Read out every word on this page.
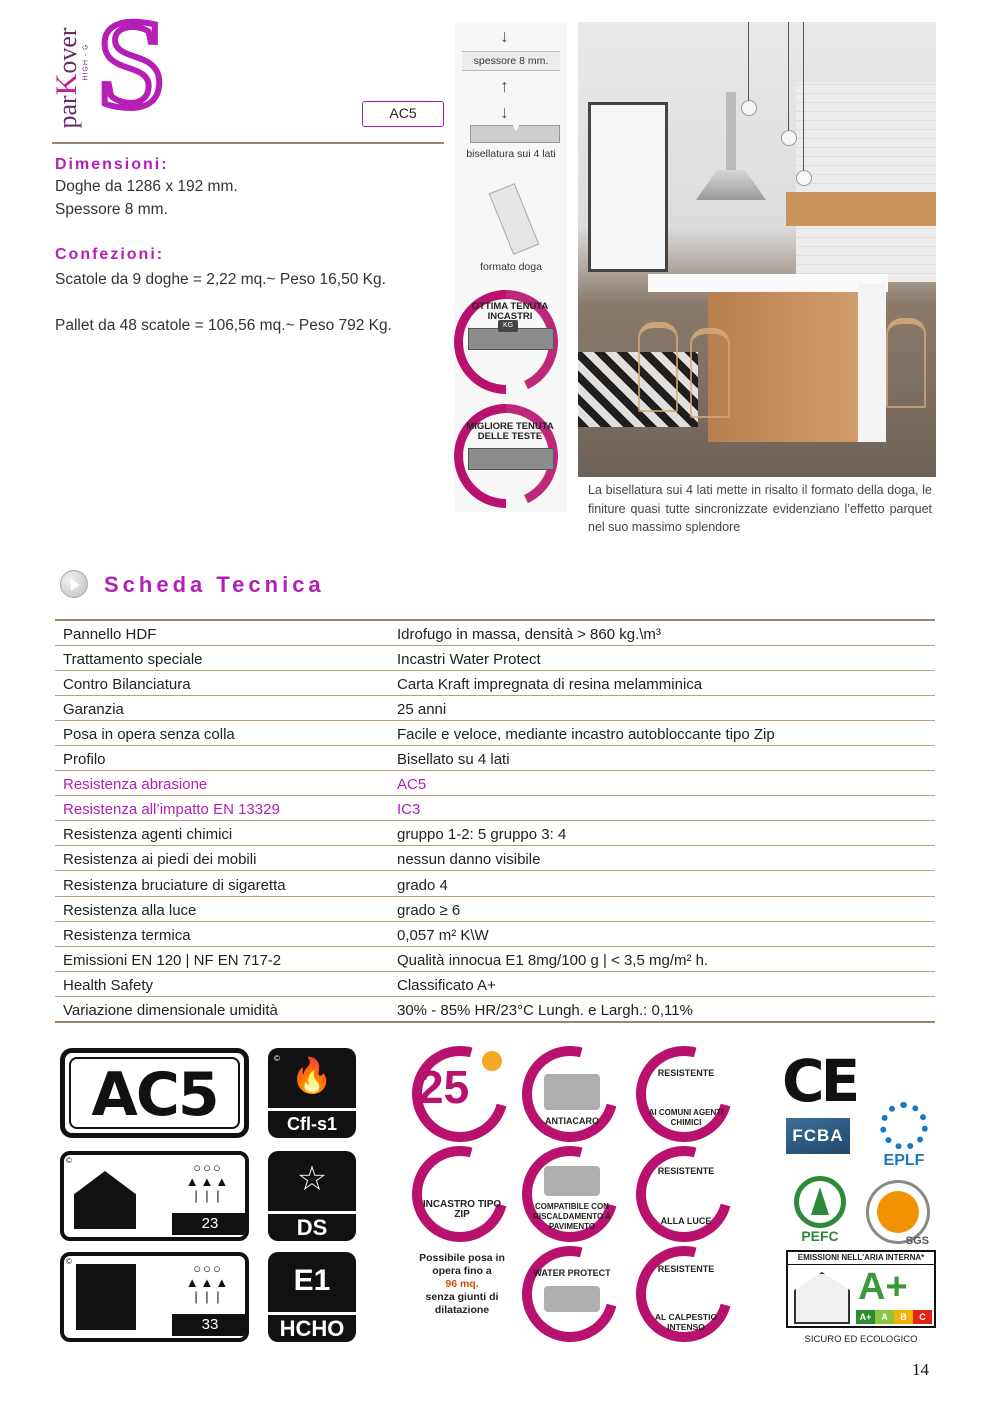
parKover HIGH - G S	AC5
Dimensioni:
Doghe da 1286 x 192 mm.
Spessore 8 mm.
Confezioni:
Scatole da 9 doghe = 2,22 mq.~ Peso 16,50 Kg.
Pallet da 48 scatole = 106,56 mq.~ Peso 792 Kg.
↓
spessore 8 mm.
↑
↓
bisellatura sui 4 lati
formato doga
KG
OTTIMA TENUTA INCASTRI
MIGLIORE TENUTA DELLE TESTE
La bisellatura sui 4 lati mette in risalto il formato della doga, le finiture quasi tutte sincronizzate evidenziano l’effetto parquet nel suo massimo splendore
Scheda Tecnica
Pannello HDF	Idrofugo in massa, densità > 860 kg.\m³
Trattamento speciale	Incastri Water Protect
Contro Bilanciatura	Carta Kraft impregnata di resina melamminica
Garanzia	25 anni
Posa in opera senza colla	Facile e veloce, mediante incastro autobloccante tipo Zip
Profilo	Bisellato su 4 lati
Resistenza abrasione	AC5
Resistenza all’impatto EN 13329	IC3
Resistenza agenti chimici	gruppo 1-2: 5 gruppo 3: 4
Resistenza ai piedi dei mobili	nessun danno visibile
Resistenza bruciature di sigaretta	grado 4
Resistenza alla luce	grado ≥ 6
Resistenza termica	0,057 m² K\W
Emissioni EN 120 | NF EN 717-2	Qualità innocua E1 8mg/100 g | < 3,5 mg/m² h.
Health Safety	Classificato A+
Variazione dimensionale umidità	30% - 85% HR/23°C Lungh. e Largh.: 0,11%
AC5	🔥
Cfl-s1
©
○○○
▲▲▲
| | |
23
©	☆
DS
○○○
▲▲▲
| | |
33
©
E1
HCHO
25
ANTIACARO
RESISTENTE
AI COMUNI AGENTI CHIMICI
INCASTRO TIPO ZIP
COMPATIBILE CON RISCALDAMENTO A PAVIMENTO
RESISTENTE
ALLA LUCE
Possibile posa in opera fino a
96 mq.
senza giunti di dilatazione
WATER PROTECT	RESISTENTE
AL CALPESTIO INTENSO
CE
FCBA
EPLF
PEFC	SGS
EMISSIONI NELL'ARIA INTERNA*
A+
A+	A	B	C
SICURO ED ECOLOGICO
14
